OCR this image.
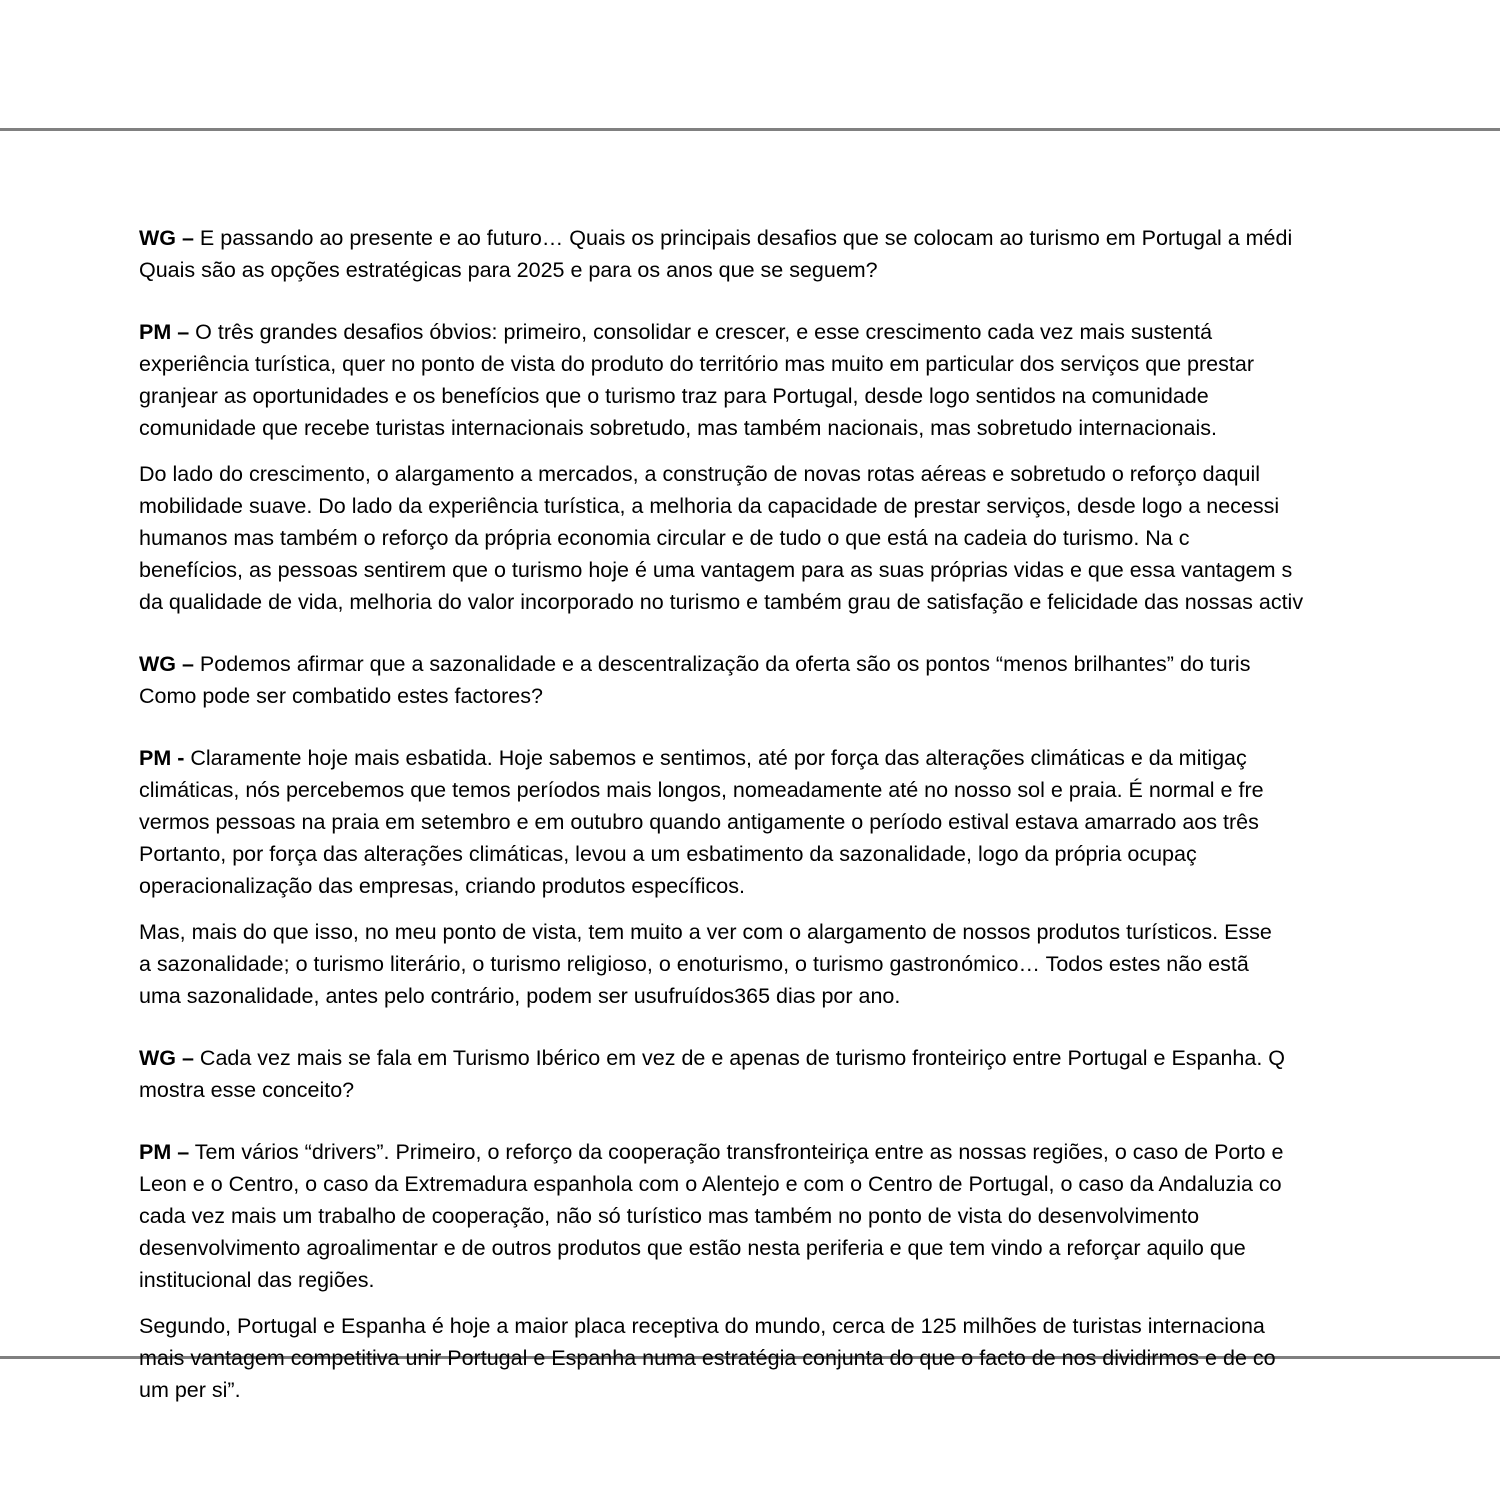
WG – E passando ao presente e ao futuro… Quais os principais desafios que se colocam ao turismo em Portugal a médi
Quais são as opções estratégicas para 2025 e para os anos que se seguem?

PM – O três grandes desafios óbvios: primeiro, consolidar e crescer, e esse crescimento cada vez mais sustentá
experiência turística, quer no ponto de vista do produto do território mas muito em particular dos serviços que prestar
granjear as oportunidades e os benefícios que o turismo traz para Portugal, desde logo sentidos na comunidade
comunidade que recebe turistas internacionais sobretudo, mas também nacionais, mas sobretudo internacionais.

Do lado do crescimento, o alargamento a mercados, a construção de novas rotas aéreas e sobretudo o reforço daquil
mobilidade suave. Do lado da experiência turística, a melhoria da capacidade de prestar serviços, desde logo a necessi
humanos mas também o reforço da própria economia circular e de tudo o que está na cadeia do turismo. Na c
benefícios, as pessoas sentirem que o turismo hoje é uma vantagem para as suas próprias vidas e que essa vantagem s
da qualidade de vida, melhoria do valor incorporado no turismo e também grau de satisfação e felicidade das nossas activ

WG – Podemos afirmar que a sazonalidade e a descentralização da oferta são os pontos “menos brilhantes” do turis
Como pode ser combatido estes factores?

PM - Claramente hoje mais esbatida. Hoje sabemos e sentimos, até por força das alterações climáticas e da mitigaç
climáticas, nós percebemos que temos períodos mais longos, nomeadamente até no nosso sol e praia. É normal e fre
vermos pessoas na praia em setembro e em outubro quando antigamente o período estival estava amarrado aos três
Portanto, por força das alterações climáticas, levou a um esbatimento da sazonalidade, logo da própria ocupaç
operacionalização das empresas, criando produtos específicos.

Mas, mais do que isso, no meu ponto de vista, tem muito a ver com o alargamento de nossos produtos turísticos. Esse
a sazonalidade; o turismo literário, o turismo religioso, o enoturismo, o turismo gastronómico… Todos estes não estã
uma sazonalidade, antes pelo contrário, podem ser usufruídos365 dias por ano.

WG – Cada vez mais se fala em Turismo Ibérico em vez de e apenas de turismo fronteiriço entre Portugal e Espanha. Q
mostra esse conceito?

PM – Tem vários “drivers”. Primeiro, o reforço da cooperação transfronteiriça entre as nossas regiões, o caso de Porto e
Leon e o Centro, o caso da Extremadura espanhola com o Alentejo e com o Centro de Portugal, o caso da Andaluzia co
cada vez mais um trabalho de cooperação, não só turístico mas também no ponto de vista do desenvolvimento
desenvolvimento agroalimentar e de outros produtos que estão nesta periferia e que tem vindo a reforçar aquilo que
institucional das regiões.

Segundo, Portugal e Espanha é hoje a maior placa receptiva do mundo, cerca de 125 milhões de turistas internaciona
mais vantagem competitiva unir Portugal e Espanha numa estratégia conjunta do que o facto de nos dividirmos e de co
um per si”.
